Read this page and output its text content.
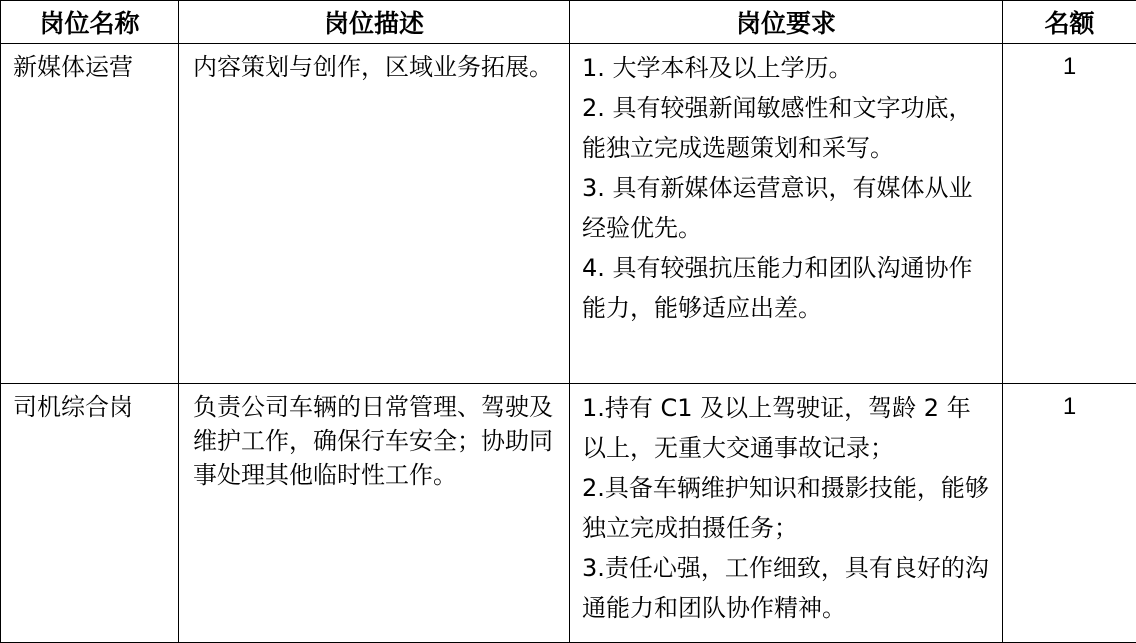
岗位名称	岗位描述	岗位要求	名额
新媒体运营	内容策划与创作，区域业务拓展。	1. 大学本科及以上学历。

2. 具有较强新闻敏感性和文字功底，能独立完成选题策划和采写。

3. 具有新媒体运营意识，有媒体从业经验优先。

4. 具有较强抗压能力和团队沟通协作能力，能够适应出差。	1
司机综合岗	负责公司车辆的日常管理、驾驶及维护工作，确保行车安全；协助同事处理其他临时性工作。	1.持有 C1 及以上驾驶证，驾龄 2 年以上，无重大交通事故记录；

2.具备车辆维护知识和摄影技能，能够独立完成拍摄任务；

3.责任心强，工作细致，具有良好的沟通能力和团队协作精神。	1
